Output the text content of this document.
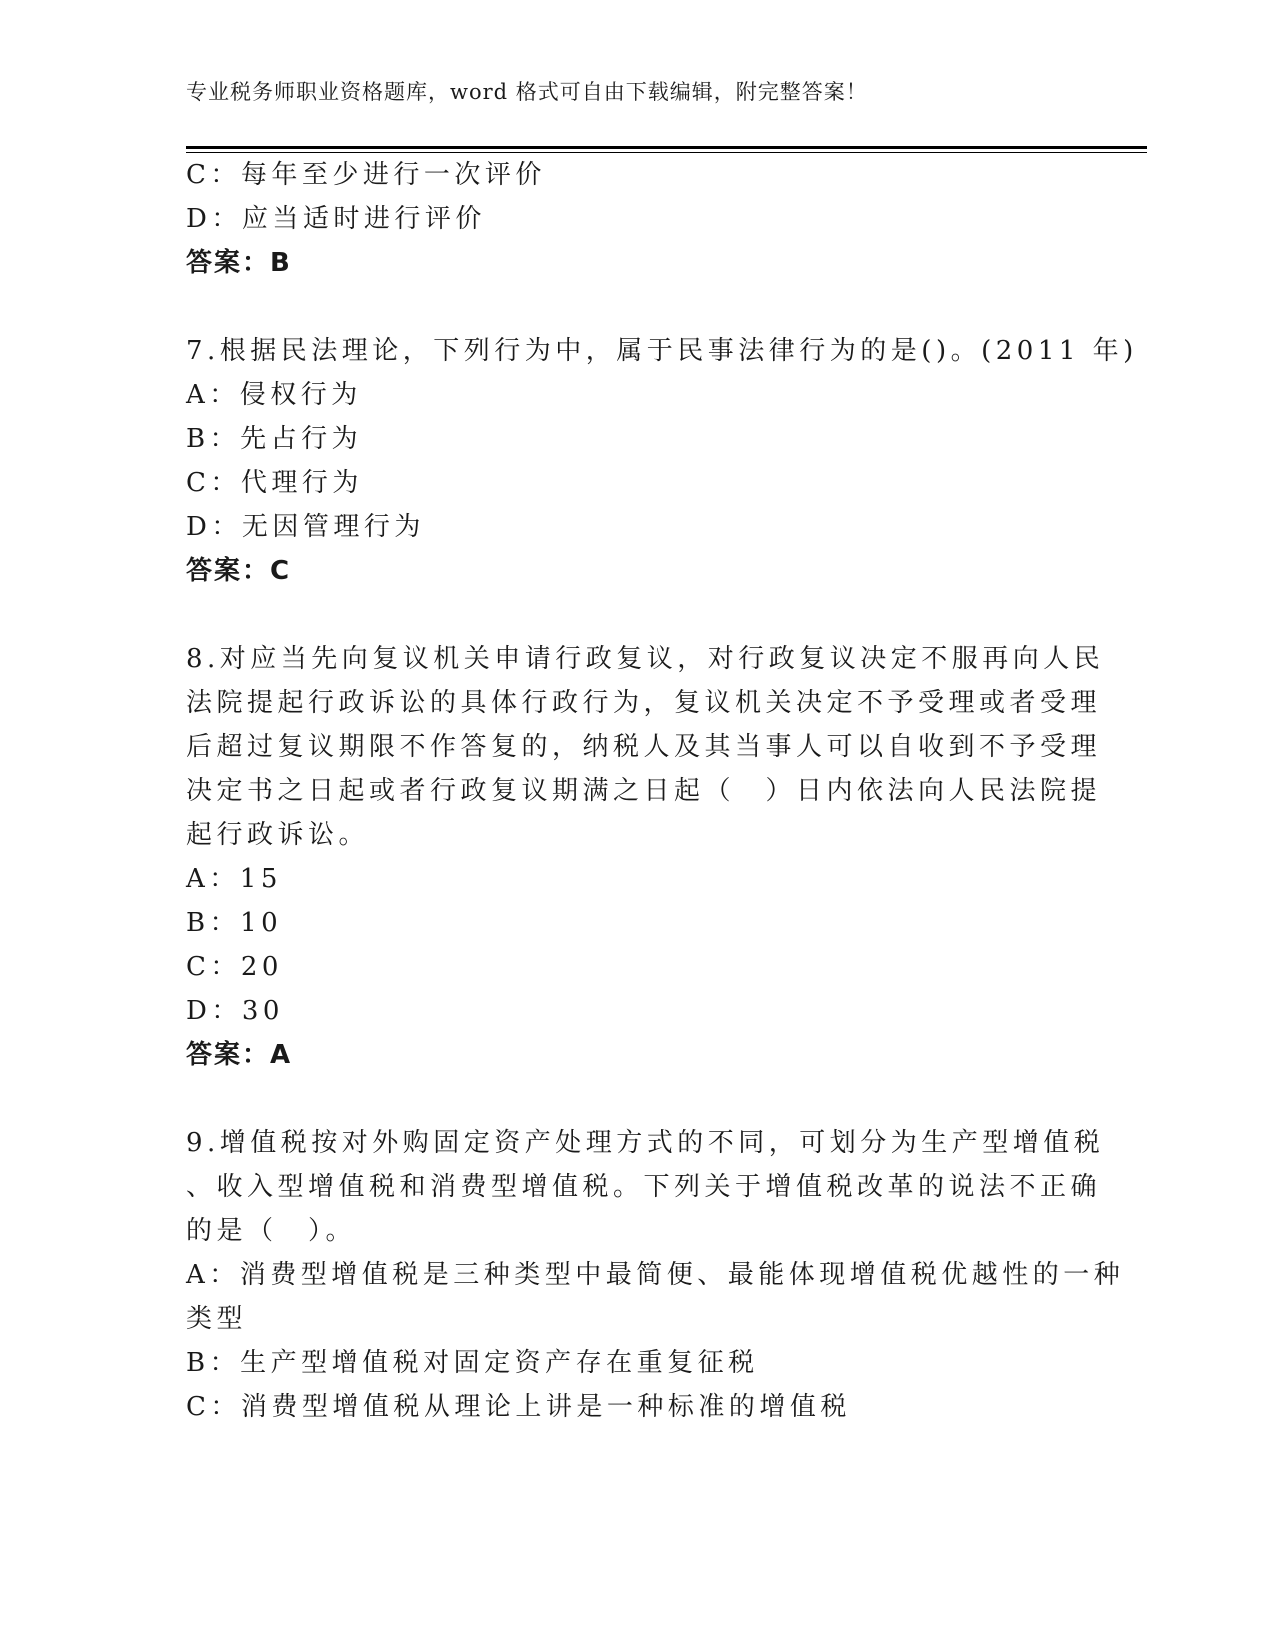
专业税务师职业资格题库，word 格式可自由下载编辑，附完整答案！
C：每年至少进行一次评价
D：应当适时进行评价
答案：B
7.根据民法理论，下列行为中，属于民事法律行为的是()。(2011 年)
A：侵权行为
B：先占行为
C：代理行为
D：无因管理行为
答案：C
8.对应当先向复议机关申请行政复议，对行政复议决定不服再向人民
法院提起行政诉讼的具体行政行为，复议机关决定不予受理或者受理
后超过复议期限不作答复的，纳税人及其当事人可以自收到不予受理
决定书之日起或者行政复议期满之日起（　）日内依法向人民法院提
起行政诉讼。
A：15
B：10
C：20
D：30
答案：A
9.增值税按对外购固定资产处理方式的不同，可划分为生产型增值税
、收入型增值税和消费型增值税。下列关于增值税改革的说法不正确
的是（　）。
A：消费型增值税是三种类型中最简便、最能体现增值税优越性的一种
类型
B：生产型增值税对固定资产存在重复征税
C：消费型增值税从理论上讲是一种标准的增值税
